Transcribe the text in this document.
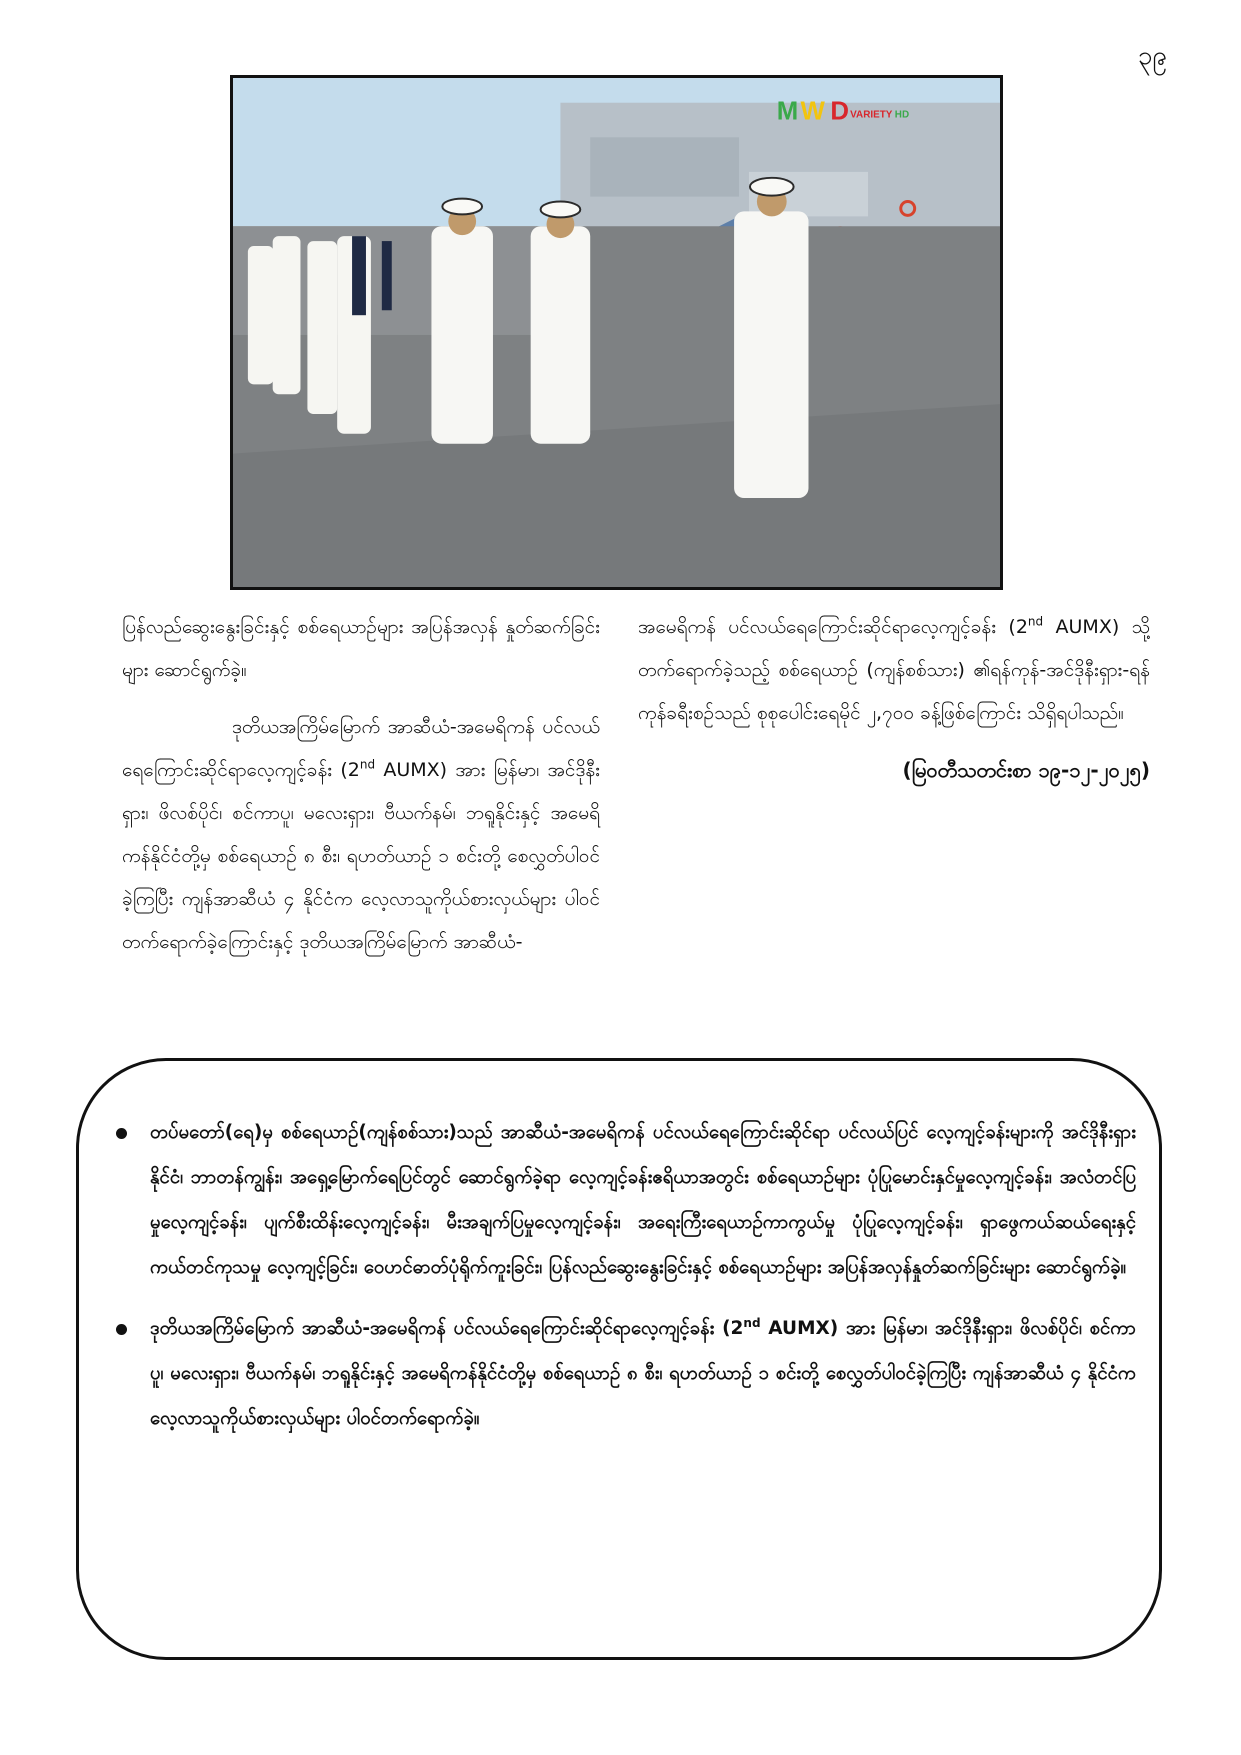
၃၉
M W D VARIETY HD

ပြန်လည်ဆွေးနွေးခြင်းနှင့် စစ်ရေယာဉ်များ အပြန်အလှန် နှုတ်ဆက်ခြင်းများ ဆောင်ရွက်ခဲ့။

ဒုတိယအကြိမ်မြောက် အာဆီယံ-အမေရိကန် ပင်လယ်ရေကြောင်းဆိုင်ရာလေ့ကျင့်ခန်း (2nd AUMX) အား မြန်မာ၊ အင်ဒိုနီးရှား၊ ဖိလစ်ပိုင်၊ စင်ကာပူ၊ မလေးရှား၊ ဗီယက်နမ်၊ ဘရူနိုင်းနှင့် အမေရိကန်နိုင်ငံတို့မှ စစ်ရေယာဉ် ၈ စီး၊ ရဟတ်ယာဉ် ၁ စင်းတို့ စေလွှတ်ပါဝင်ခဲ့ကြပြီး ကျန်အာဆီယံ ၄ နိုင်ငံက လေ့လာသူကိုယ်စားလှယ်များ ပါဝင်တက်ရောက်ခဲ့ကြောင်းနှင့် ဒုတိယအကြိမ်မြောက် အာဆီယံ-

အမေရိကန် ပင်လယ်ရေကြောင်းဆိုင်ရာလေ့ကျင့်ခန်း (2nd AUMX) သို့တက်ရောက်ခဲ့သည့် စစ်ရေယာဉ် (ကျန်စစ်သား) ၏ရန်ကုန်-အင်ဒိုနီးရှား-ရန်ကုန်ခရီးစဉ်သည် စုစုပေါင်းရေမိုင် ၂,၇၀၀ ခန့်ဖြစ်ကြောင်း သိရှိရပါသည်။

(မြဝတီသတင်းစာ ၁၉-၁၂-၂၀၂၅)

တပ်မတော်(ရေ)မှ စစ်ရေယာဉ်(ကျန်စစ်သား)သည် အာဆီယံ-အမေရိကန် ပင်လယ်ရေကြောင်းဆိုင်ရာ ပင်လယ်ပြင် လေ့ကျင့်ခန်းများကို အင်ဒိုနီးရှားနိုင်ငံ၊ ဘာတန်ကျွန်း၊ အရှေ့မြောက်ရေပြင်တွင် ဆောင်ရွက်ခဲ့ရာ လေ့ကျင့်ခန်းဧရိယာအတွင်း စစ်ရေယာဉ်များ ပုံပြုမောင်းနှင်မှုလေ့ကျင့်ခန်း၊ အလံတင်ပြမှုလေ့ကျင့်ခန်း၊ ပျက်စီးထိန်းလေ့ကျင့်ခန်း၊ မီးအချက်ပြမှုလေ့ကျင့်ခန်း၊ အရေးကြီးရေယာဉ်ကာကွယ်မှု ပုံပြုလေ့ကျင့်ခန်း၊ ရှာဖွေကယ်ဆယ်ရေးနှင့် ကယ်တင်ကုသမှု လေ့ကျင့်ခြင်း၊ ဝေဟင်ဓာတ်ပုံရိုက်ကူးခြင်း၊ ပြန်လည်ဆွေးနွေးခြင်းနှင့် စစ်ရေယာဉ်များ အပြန်အလှန်နှုတ်ဆက်ခြင်းများ ဆောင်ရွက်ခဲ့။
ဒုတိယအကြိမ်မြောက် အာဆီယံ-အမေရိကန် ပင်လယ်ရေကြောင်းဆိုင်ရာလေ့ကျင့်ခန်း (2nd AUMX) အား မြန်မာ၊ အင်ဒိုနီးရှား၊ ဖိလစ်ပိုင်၊ စင်ကာပူ၊ မလေးရှား၊ ဗီယက်နမ်၊ ဘရူနိုင်းနှင့် အမေရိကန်နိုင်ငံတို့မှ စစ်ရေယာဉ် ၈ စီး၊ ရဟတ်ယာဉ် ၁ စင်းတို့ စေလွှတ်ပါဝင်ခဲ့ကြပြီး ကျန်အာဆီယံ ၄ နိုင်ငံက လေ့လာသူကိုယ်စားလှယ်များ ပါဝင်တက်ရောက်ခဲ့။
